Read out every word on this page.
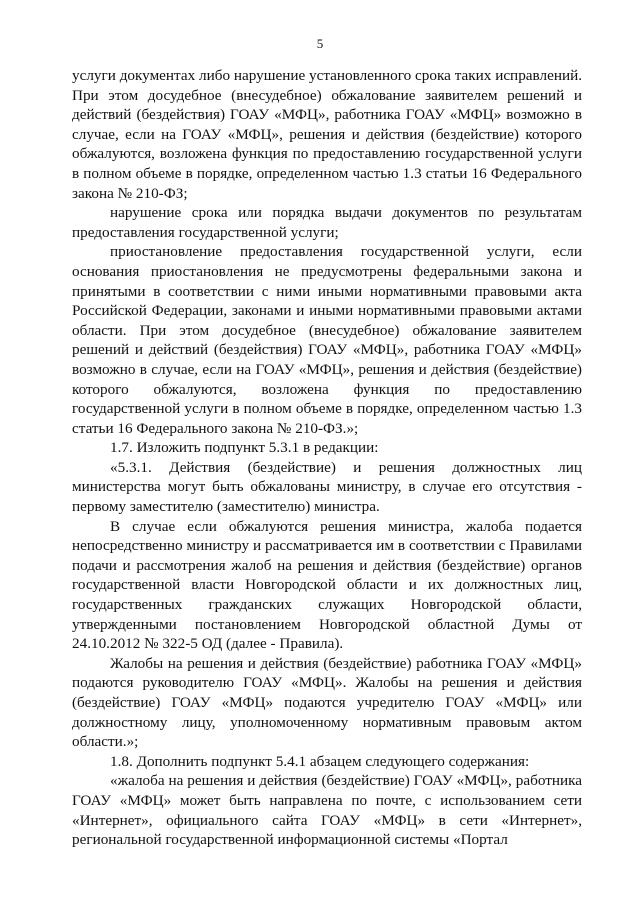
5

услуги документах либо нарушение установленного срока таких исправлений. При этом досудебное (внесудебное) обжалование заявителем решений и действий (бездействия) ГОАУ «МФЦ», работника ГОАУ «МФЦ» возможно в случае, если на ГОАУ «МФЦ», решения и действия (бездействие) которого обжалуются, возложена функция по предоставлению государственной услуги в полном объеме в порядке, определенном частью 1.3 статьи 16 Федерального закона № 210-ФЗ;

нарушение срока или порядка выдачи документов по результатам предоставления государственной услуги;

приостановление предоставления государственной услуги, если основания приостановления не предусмотрены федеральными закона и принятыми в соответствии с ними иными нормативными правовыми акта Российской Федерации, законами и иными нормативными правовыми актами области. При этом досудебное (внесудебное) обжалование заявителем решений и действий (бездействия) ГОАУ «МФЦ», работника ГОАУ «МФЦ» возможно в случае, если на ГОАУ «МФЦ», решения и действия (бездействие) которого обжалуются, возложена функция по предоставлению государственной услуги в полном объеме в порядке, определенном частью 1.3 статьи 16 Федерального закона № 210-ФЗ.»;

1.7. Изложить подпункт 5.3.1 в редакции:

«5.3.1. Действия (бездействие) и решения должностных лиц министерства могут быть обжалованы министру, в случае его отсутствия - первому заместителю (заместителю) министра.

В случае если обжалуются решения министра, жалоба подается непосредственно министру и рассматривается им в соответствии с Правилами подачи и рассмотрения жалоб на решения и действия (бездействие) органов государственной власти Новгородской области и их должностных лиц, государственных гражданских служащих Новгородской области, утвержденными постановлением Новгородской областной Думы от 24.10.2012 № 322-5 ОД (далее - Правила).

Жалобы на решения и действия (бездействие) работника ГОАУ «МФЦ» подаются руководителю ГОАУ «МФЦ». Жалобы на решения и действия (бездействие) ГОАУ «МФЦ» подаются учредителю ГОАУ «МФЦ» или должностному лицу, уполномоченному нормативным правовым актом области.»;

1.8. Дополнить подпункт 5.4.1 абзацем следующего содержания:

«жалоба на решения и действия (бездействие) ГОАУ «МФЦ», работника ГОАУ «МФЦ» может быть направлена по почте, с использованием сети «Интернет», официального сайта ГОАУ «МФЦ» в сети «Интернет», региональной государственной информационной системы «Портал
